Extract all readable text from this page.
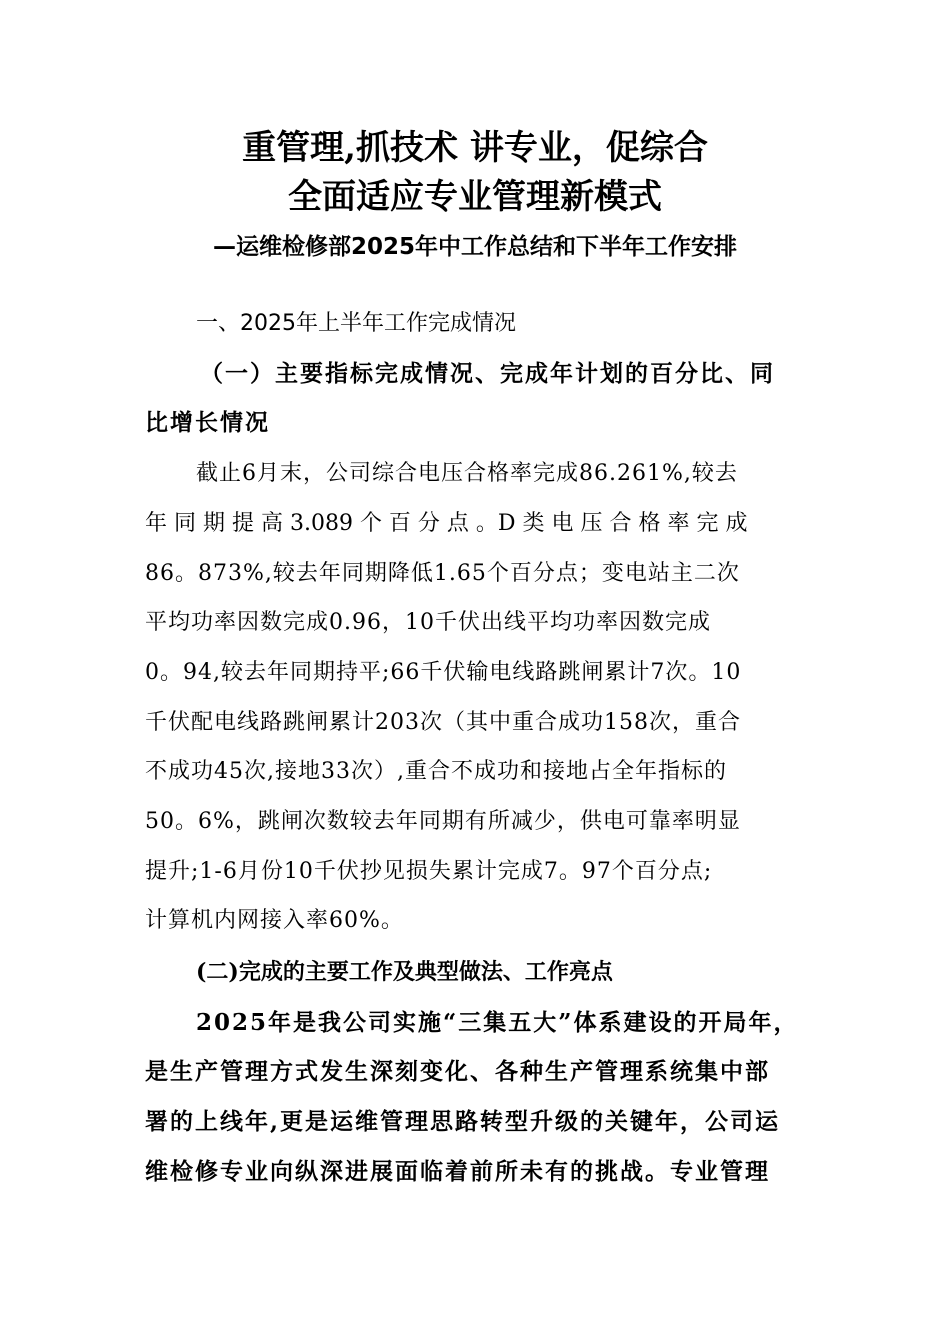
重管理,抓技术 讲专业，促综合
全面适应专业管理新模式
—运维检修部2025年中工作总结和下半年工作安排
一、2025年上半年工作完成情况
（一）主要指标完成情况、完成年计划的百分比、同
比增长情况
截止6月末，公司综合电压合格率完成86.261%,较去
年 同 期 提 高 3.089 个 百 分 点 。D 类 电 压 合 格 率 完 成
86。873%,较去年同期降低1.65个百分点；变电站主二次
平均功率因数完成0.96，10千伏出线平均功率因数完成
0。94,较去年同期持平;66千伏输电线路跳闸累计7次。10
千伏配电线路跳闸累计203次（其中重合成功158次，重合
不成功45次,接地33次）,重合不成功和接地占全年指标的
50。6%，跳闸次数较去年同期有所减少，供电可靠率明显
提升;1-6月份10千伏抄见损失累计完成7。97个百分点;
计算机内网接入率60%。
(二)完成的主要工作及典型做法、工作亮点
2025年是我公司实施“三集五大”体系建设的开局年，
是生产管理方式发生深刻变化、各种生产管理系统集中部
署的上线年,更是运维管理思路转型升级的关键年，公司运
维检修专业向纵深进展面临着前所未有的挑战。专业管理
